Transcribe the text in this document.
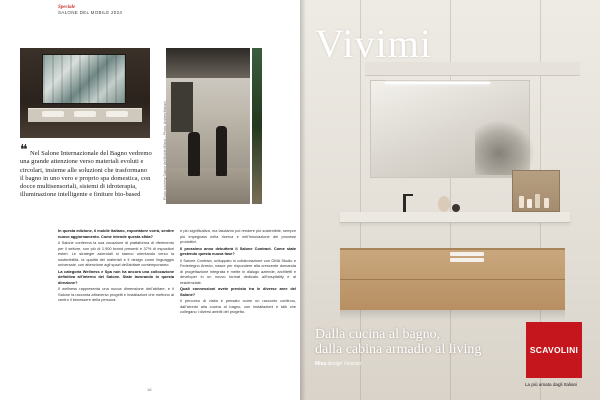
Speciale
SALONE DEL MOBILE 2024
Photo courtesy Salone del Mobile.Milano – Photo: Andrea Mariani
❝ Nel Salone Internazionale del Bagno vedremo
una grande attenzione verso materiali evoluti e
circolari, insieme alle soluzioni che trasformano
il bagno in uno vero e proprio spa domestica, con
docce multisensoriali, sistemi di idroterapia,
illuminazione intelligente e finiture bio-based

In questa edizione, il mobile italiano, esportatore vorrà, sentire nuovo aggiornamento. Come intende questa sfida?

Il Salone conferma la sua vocazione di piattaforma di riferimento per il settore, con più di 1.900 brand presenti e 37% di espositori esteri. Le strategie aziendali si stanno orientando verso la sostenibilità, la qualità dei materiali e il design come linguaggio universale, con attenzione agli spazi dell'abitare contemporaneo.

La categoria Wellness e Spa non ha ancora una collocazione definitiva all'interno del Salone. State lavorando in questa direzione?

Il wellness rappresenta una nuova dimensione dell'abitare, e il Salone la racconta attraverso progetti e installazioni che mettono al centro il benessere della persona.

e più significativa, ma lasciamo poi rendere più sostenibile, sempre più impegnata nella ricerca e nell'innovazione dei processi produttivi.

Il prossimo anno debutterà il Salone Contract. Come state gestendo questa nuova fase?

Il Salone Contract, sviluppato in collaborazione con OMA Studio e Federlegno Arredo, nasce per rispondere alla crescente domanda di progettazione integrata e mette in dialogo aziende, architetti e developer in un nuovo format dedicato all'hospitality e al residenziale.

Quali connessioni avete previsto tra le diverse aree del Salone?

Il percorso di visita è pensato come un racconto continuo, dall'arredo alla cucina al bagno, con installazioni e talk che collegano i diversi ambiti del progetto.

18
Vivimi
Dalla cucina al bagno,
dalla cabina armadio al living
Misa design Vicenzo
SCAVOLINI
La più amata dagli Italiani
